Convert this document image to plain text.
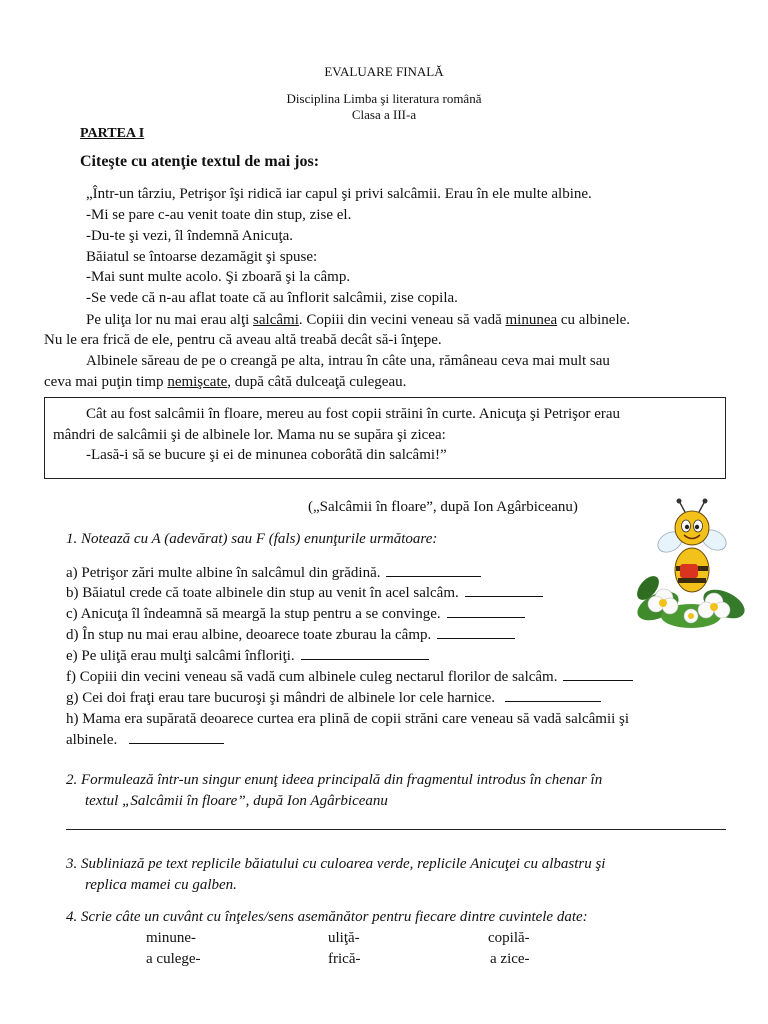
EVALUARE FINALĂ
Disciplina Limba şi literatura română
Clasa a III-a
PARTEA I
Citeşte cu atenţie textul de mai jos:
„Într-un târziu, Petrişor îşi ridică iar capul şi privi salcâmii. Erau în ele multe albine.
-Mi se pare c-au venit toate din stup, zise el.
-Du-te şi vezi, îl îndemnă Anicuţa.
Băiatul se întoarse dezamăgit şi spuse:
-Mai sunt multe acolo. Şi zboară şi la câmp.
-Se vede că n-au aflat toate că au înflorit salcâmii, zise copila.
Pe uliţa lor nu mai erau alţi salcâmi. Copiii din vecini veneau să vadă minunea cu albinele.
Nu le era frică de ele, pentru că aveau altă treabă decât să-i înţepe.
Albinele săreau de pe o creangă pe alta, intrau în câte una, rămâneau ceva mai mult sau
ceva mai puţin timp nemişcate, după câtă dulceaţă culegeau.
Cât au fost salcâmii în floare, mereu au fost copii străini în curte. Anicuţa şi Petrişor erau
mândri de salcâmii şi de albinele lor. Mama nu se supăra şi zicea:
-Lasă-i să se bucure şi ei de minunea coborâtă din salcâmi!”
(„Salcâmii în floare”, după Ion Agârbiceanu)
1. Notează cu A (adevărat) sau F (fals) enunţurile următoare:
a) Petrişor zări multe albine în salcâmul din grădină.
b) Băiatul crede că toate albinele din stup au venit în acel salcâm.
c) Anicuţa îl îndeamnă să meargă la stup pentru a se convinge.
d) În stup nu mai erau albine, deoarece toate zburau la câmp.
e) Pe uliţă erau mulţi salcâmi înfloriţi.
f) Copiii din vecini veneau să vadă cum albinele culeg nectarul florilor de salcâm.
g) Cei doi fraţi erau tare bucuroşi şi mândri de albinele lor cele harnice.
h) Mama era supărată deoarece curtea era plină de copii străni care veneau să vadă salcâmii şi
albinele.
2. Formulează într-un singur enunţ ideea principală din fragmentul introdus în chenar în
textul „Salcâmii în floare”, după Ion Agârbiceanu
3. Subliniază pe text replicile băiatului cu culoarea verde, replicile Anicuţei cu albastru şi
replica mamei cu galben.
4. Scrie câte un cuvânt cu înţeles/sens asemănător pentru fiecare dintre cuvintele date:
minune-	uliţă-	copilă-
a culege-	frică-	a zice-
